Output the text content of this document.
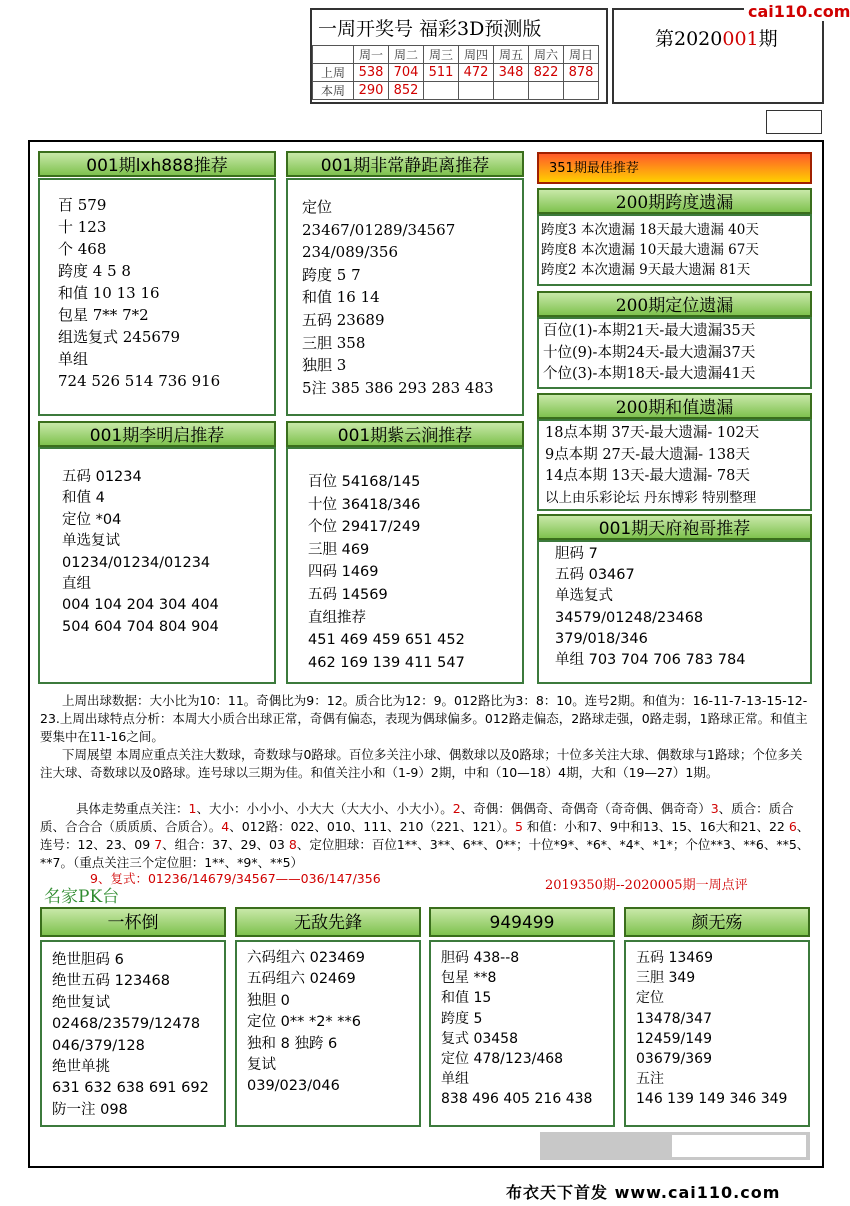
一周开奖号 福彩3D预测版
	周一	周二	周三	周四	周五	周六	周日
上周	538	704	511	472	348	822	878
本周	290	852					
第2020001期
cai110.com
001期lxh888推荐
百 579
十 123
个 468
跨度 4 5 8
和值 10 13 16
包星 7** 7*2
组选复式 245679
单组
724 526 514 736 916
001期非常静距离推荐
定位
23467/01289/34567
234/089/356
跨度 5 7
和值 16 14
五码 23689
三胆 358
独胆 3
5注 385 386 293 283 483
351期最佳推荐
200期跨度遗漏
跨度3 本次遗漏 18天最大遗漏 40天
跨度8 本次遗漏 10天最大遗漏 67天
跨度2 本次遗漏 9天最大遗漏 81天
200期定位遗漏
百位(1)-本期21天-最大遗漏35天
十位(9)-本期24天-最大遗漏37天
个位(3)-本期18天-最大遗漏41天
200期和值遗漏
18点本期 37天-最大遗漏- 102天
9点本期 27天-最大遗漏- 138天
14点本期 13天-最大遗漏- 78天
以上由乐彩论坛 丹东博彩 特别整理
001期李明启推荐
五码 01234
和值 4
定位 *04
单选复试
01234/01234/01234
直组
004 104 204 304 404
504 604 704 804 904
001期紫云涧推荐
百位 54168/145
十位 36418/346
个位 29417/249
三胆 469
四码 1469
五码 14569
直组推荐
451 469 459 651 452
462 169 139 411 547
001期天府袍哥推荐
胆码 7
五码 03467
单选复式
34579/01248/23468
379/018/346
单组 703 704 706 783 784
上周出球数据：大小比为10：11。奇偶比为9：12。质合比为12：9。012路比为3：8：10。连号2期。和值为：16-11-7-13-15-12-23.上周出球特点分析：本周大小质合出球正常，奇偶有偏态，表现为偶球偏多。012路走偏态，2路球走强，0路走弱，1路球正常。和值主要集中在11-16之间。
下周展望 本周应重点关注大数球，奇数球与0路球。百位多关注小球、偶数球以及0路球；十位多关注大球、偶数球与1路球；个位多关注大球、奇数球以及0路球。连号球以三期为佳。和值关注小和（1-9）2期，中和（10—18）4期，大和（19—27）1期。
具体走势重点关注：1、大小：小小小、小大大（大大小、小大小）。2、奇偶：偶偶奇、奇偶奇（奇奇偶、偶奇奇）3、质合：质合质、合合合（质质质、合质合）。4、012路：022、010、111、210（221、121）。5 和值：小和7、9中和13、15、16大和21、22 6、连号：12、23、09 7、组合：37、29、03 8、定位胆球：百位1**、3**、6**、0**；十位*9*、*6*、*4*、*1*；个位**3、**6、**5、**7。（重点关注三个定位胆：1**、*9*、**5）
9、复式：01236/14679/34567——036/147/356
名家PK台
2019350期--2020005期一周点评
一杯倒
绝世胆码 6
绝世五码 123468
绝世复试
02468/23579/12478
046/379/128
绝世单挑
631 632 638 691 692
防一注 098
无敌先鋒
六码组六 023469
五码组六 02469
独胆 0
定位 0** *2* **6
独和 8 独跨 6
复试
039/023/046
949499
胆码 438--8
包星 **8
和值 15
跨度 5
复式 03458
定位 478/123/468
单组
838 496 405 216 438
颜无殇
五码 13469
三胆 349
定位
13478/347
12459/149
03679/369
五注
146 139 149 346 349
布衣天下首发 www.cai110.com
